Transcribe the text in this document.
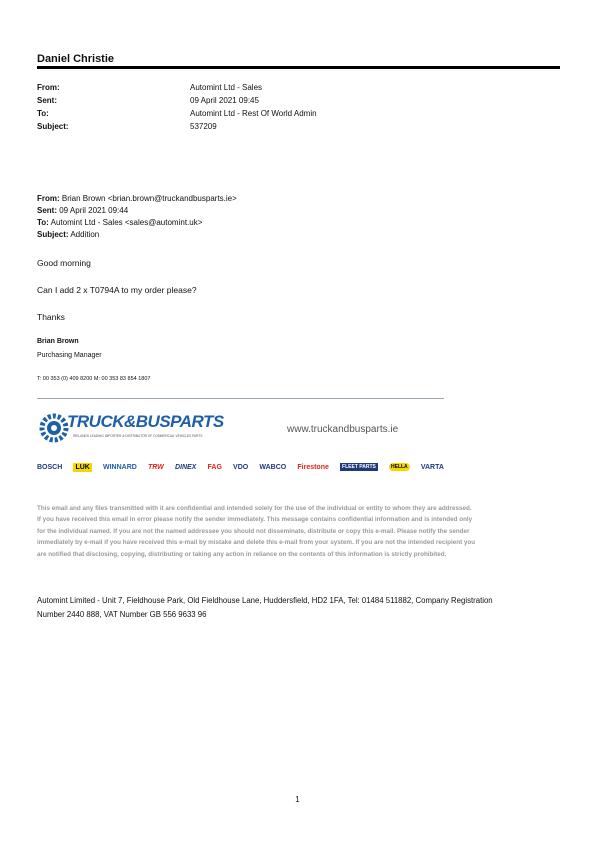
Daniel Christie
From:	Automint Ltd - Sales
Sent:	09 April 2021 09:45
To:	Automint Ltd - Rest Of World Admin
Subject:	537209
From: Brian Brown <brian.brown@truckandbusparts.ie>
Sent: 09 April 2021 09:44
To: Automint Ltd - Sales <sales@automint.uk>
Subject: Addition
Good morning
Can I add 2 x T0794A to my order please?
Thanks
Brian Brown
Purchasing Manager
T: 00 353 (0) 409 8200 M: 00 353 83 854 1807
TRUCK&BUSPARTS
IRELANDS LEADING IMPORTER & DISTRIBUTOR OF COMMERCIAL VEHICLES PARTS
www.truckandbusparts.ie
BOSCH LUK WINNARD TRW DINEX FAG VDO WABCO Firestone	FLEET PARTS	HELLA VARTA
This email and any files transmitted with it are confidential and intended solely for the use of the individual or entity to whom they are addressed. If you have received this email in error please notify the sender immediately. This message contains confidential information and is intended only for the individual named. If you are not the named addressee you should not disseminate, distribute or copy this e-mail. Please notify the sender immediately by e-mail if you have received this e-mail by mistake and delete this e-mail from your system. If you are not the intended recipient you are notified that disclosing, copying, distributing or taking any action in reliance on the contents of this information is strictly prohibited.
Automint Limited - Unit 7, Fieldhouse Park, Old Fieldhouse Lane, Huddersfield, HD2 1FA, Tel: 01484 511882, Company Registration Number 2440 888, VAT Number GB 556 9633 96
1
